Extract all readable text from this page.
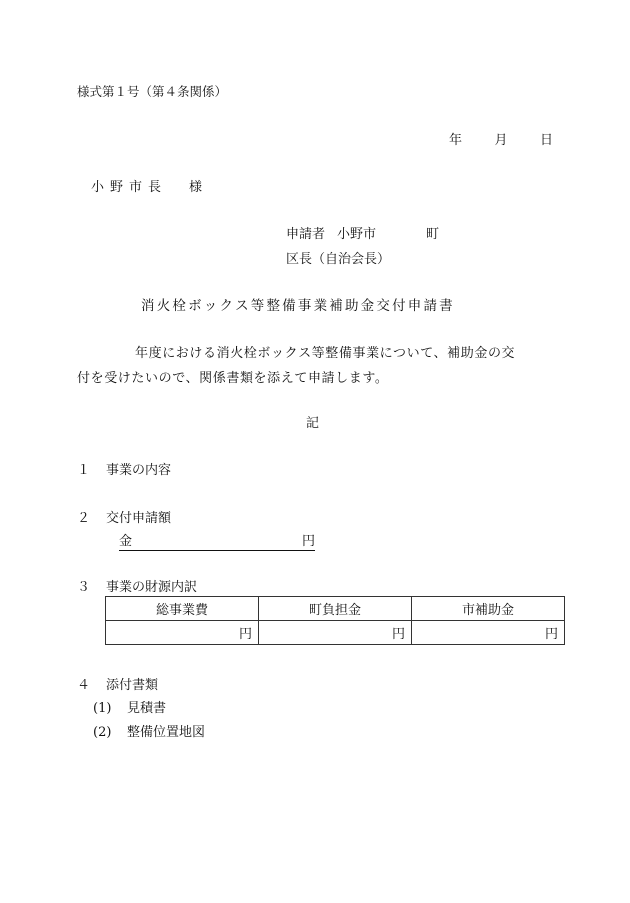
様式第１号（第４条関係）
年 月 日
小野市長 様
申請者 小野市	町
区長（自治会長）
消火栓ボックス等整備事業補助金交付申請書
年度における消火栓ボックス等整備事業について、補助金の交
付を受けたいので、関係書類を添えて申請します。
記
１ 事業の内容
２ 交付申請額
金	円
３ 事業の財源内訳
総事業費	町負担金	市補助金
円	円	円
４ 添付書類
(1) 見積書
(2) 整備位置地図
